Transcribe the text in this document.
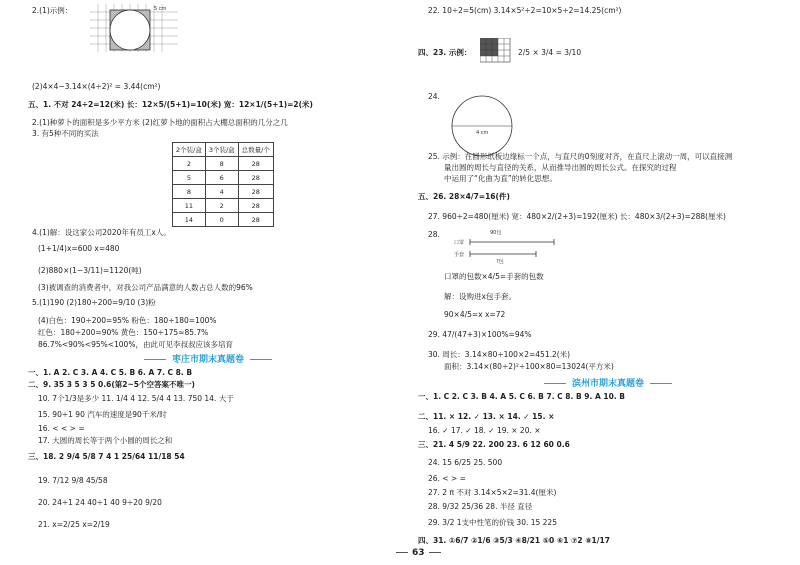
2.(1)示例：	5 cm
(2)4×4−3.14×(4÷2)² = 3.44(cm²)
五、1. 不对 24÷2=12(米) 长：12×5/(5+1)=10(米) 宽：12×1/(5+1)=2(米)
2.(1)种萝卜的面积是多少平方米 (2)红萝卜地的面积占大棚总面积的几分之几
3. 有5种不同的买法
2个装/盒	3个装/盒	总数量/个
2	8	28
5	6	28
8	4	28
11	2	28
14	0	28
4.(1)解：设这家公司2020年有员工x人。
(1+1/4)x=600 x=480
(2)880×(1−3/11)=1120(吨)
(3)被调查的消费者中，对我公司产品满意的人数占总人数的96%
5.(1)190 (2)180÷200=9/10 (3)粉
(4)白色：190÷200=95% 粉色：180÷180=100%
红色：180÷200=90% 黄色：150÷175≈85.7%
86.7%<90%<95%<100%，由此可见李叔叔应该多培育
枣庄市期末真题卷
一、1. A 2. C 3. A 4. C 5. B 6. A 7. C 8. B
二、9. 35 3 5 3 5 0.6(第2~5个空答案不唯一)
10. 7个1/3是多少 11. 1/4 4 12. 5/4 4 13. 750 14. 大于
15. 90÷1 90 汽车的速度是90千米/时
16. < < > =
17. 大圆的周长等于两个小圆的周长之和
三、18. 2 9/4 5/8 7 4 1 25/64 11/18 54
19. 7/12 9/8 45/58
20. 24÷1 24 40÷1 40 9÷20 9/20
21. x=2/25 x=2/19
22. 10÷2=5(cm) 3.14×5²÷2=10×5÷2=14.25(cm²)
四、23. 示例：	2/5 × 3/4 = 3/10
24.
4 cm
25. 示例：在圆形纸板边缘标一个点，与直尺的0刻度对齐，在直尺上滚动一周，可以直接测
量出圆的周长与直径的关系，从而推导出圆的周长公式。在探究的过程
中运用了“化曲为直”的转化思想。
五、26. 28×4/7=16(件)
27. 960÷2=480(厘米) 宽：480×2/(2+3)=192(厘米) 长：480×3/(2+3)=288(厘米)
28.	90包
口罩
手套
?包
口罩的包数×4/5=手套的包数
解：设购进x包手套。
90×4/5=x x=72
29. 47/(47+3)×100%=94%
30. 周长：3.14×80÷100×2=451.2(米)
面积：3.14×(80÷2)²÷100×80=13024(平方米)
滨州市期末真题卷
一、1. C 2. C 3. B 4. A 5. C 6. B 7. C 8. B 9. A 10. B
二、11. × 12. ✓ 13. × 14. ✓ 15. ×
16. ✓ 17. ✓ 18. ✓ 19. × 20. ×
三、21. 4 5/9 22. 200 23. 6 12 60 0.6
24. 15 6/25 25. 500
26. < > =
27. 2 π 不对 3.14×5×2=31.4(厘米)
28. 9/32 25/36 28. 半径 直径
29. 3/2 1支中性笔的价钱 30. 15 225
四、31. ①6/7 ②1/6 ③5/3 ④8/21 ⑤0 ⑥1 ⑦2 ⑧1/17
63
